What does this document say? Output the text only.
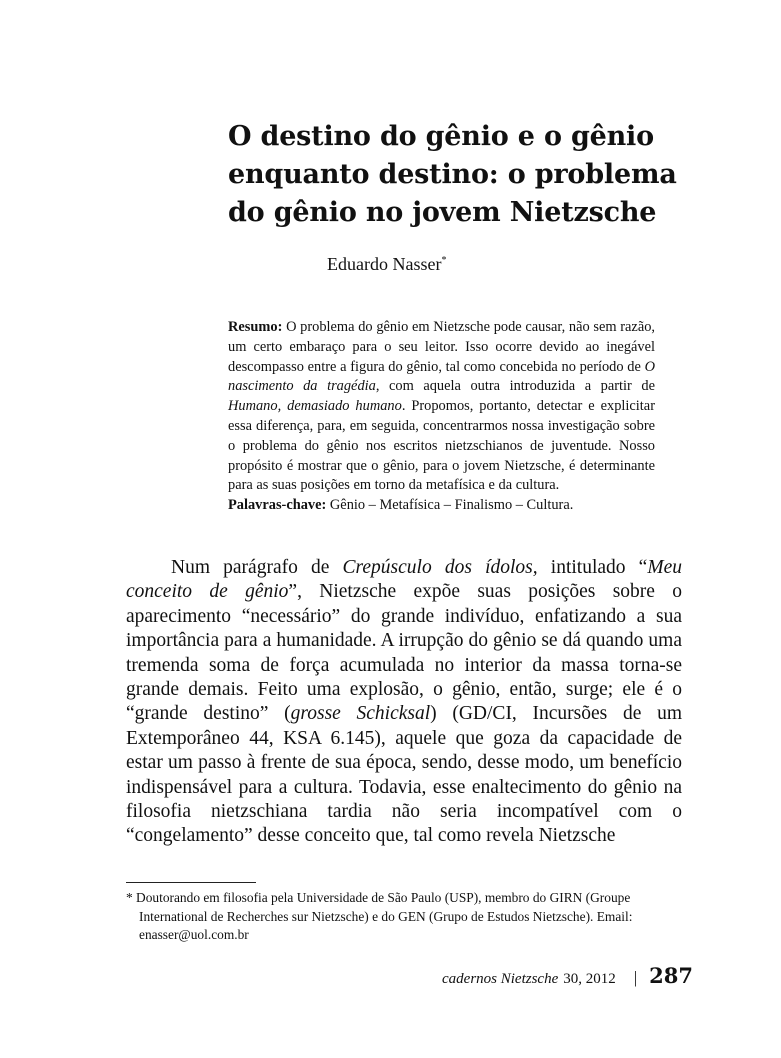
O destino do gênio e o gênio enquanto destino: o problema do gênio no jovem Nietzsche
Eduardo Nasser*

Resumo: O problema do gênio em Nietzsche pode causar, não sem razão, um certo embaraço para o seu leitor. Isso ocorre devido ao inegável descompasso entre a figura do gênio, tal como concebida no período de O nascimento da tragédia, com aquela outra introduzida a partir de Humano, demasiado humano. Propomos, portanto, detectar e explicitar essa diferença, para, em seguida, concentrarmos nossa investigação sobre o problema do gênio nos escritos nietzschianos de juventude. Nosso propósito é mostrar que o gênio, para o jovem Nietzsche, é determinante para as suas posições em torno da metafísica e da cultura.

Palavras-chave: Gênio – Metafísica – Finalismo – Cultura.

Num parágrafo de Crepúsculo dos ídolos, intitulado “Meu conceito de gênio”, Nietzsche expõe suas posições sobre o aparecimento “necessário” do grande indivíduo, enfatizando a sua importância para a humanidade. A irrupção do gênio se dá quando uma tremenda soma de força acumulada no interior da massa torna-se grande demais. Feito uma explosão, o gênio, então, surge; ele é o “grande destino” (grosse Schicksal) (GD/CI, Incursões de um Extemporâneo 44, KSA 6.145), aquele que goza da capacidade de estar um passo à frente de sua época, sendo, desse modo, um benefício indispensável para a cultura. Todavia, esse enaltecimento do gênio na filosofia nietzschiana tardia não seria incompatível com o “congelamento” desse conceito que, tal como revela Nietzsche

* Doutorando em filosofia pela Universidade de São Paulo (USP), membro do GIRN (Groupe International de Recherches sur Nietzsche) e do GEN (Grupo de Estudos Nietzsche). Email: enasser@uol.com.br
cadernos Nietzsche 30, 2012 | 287
